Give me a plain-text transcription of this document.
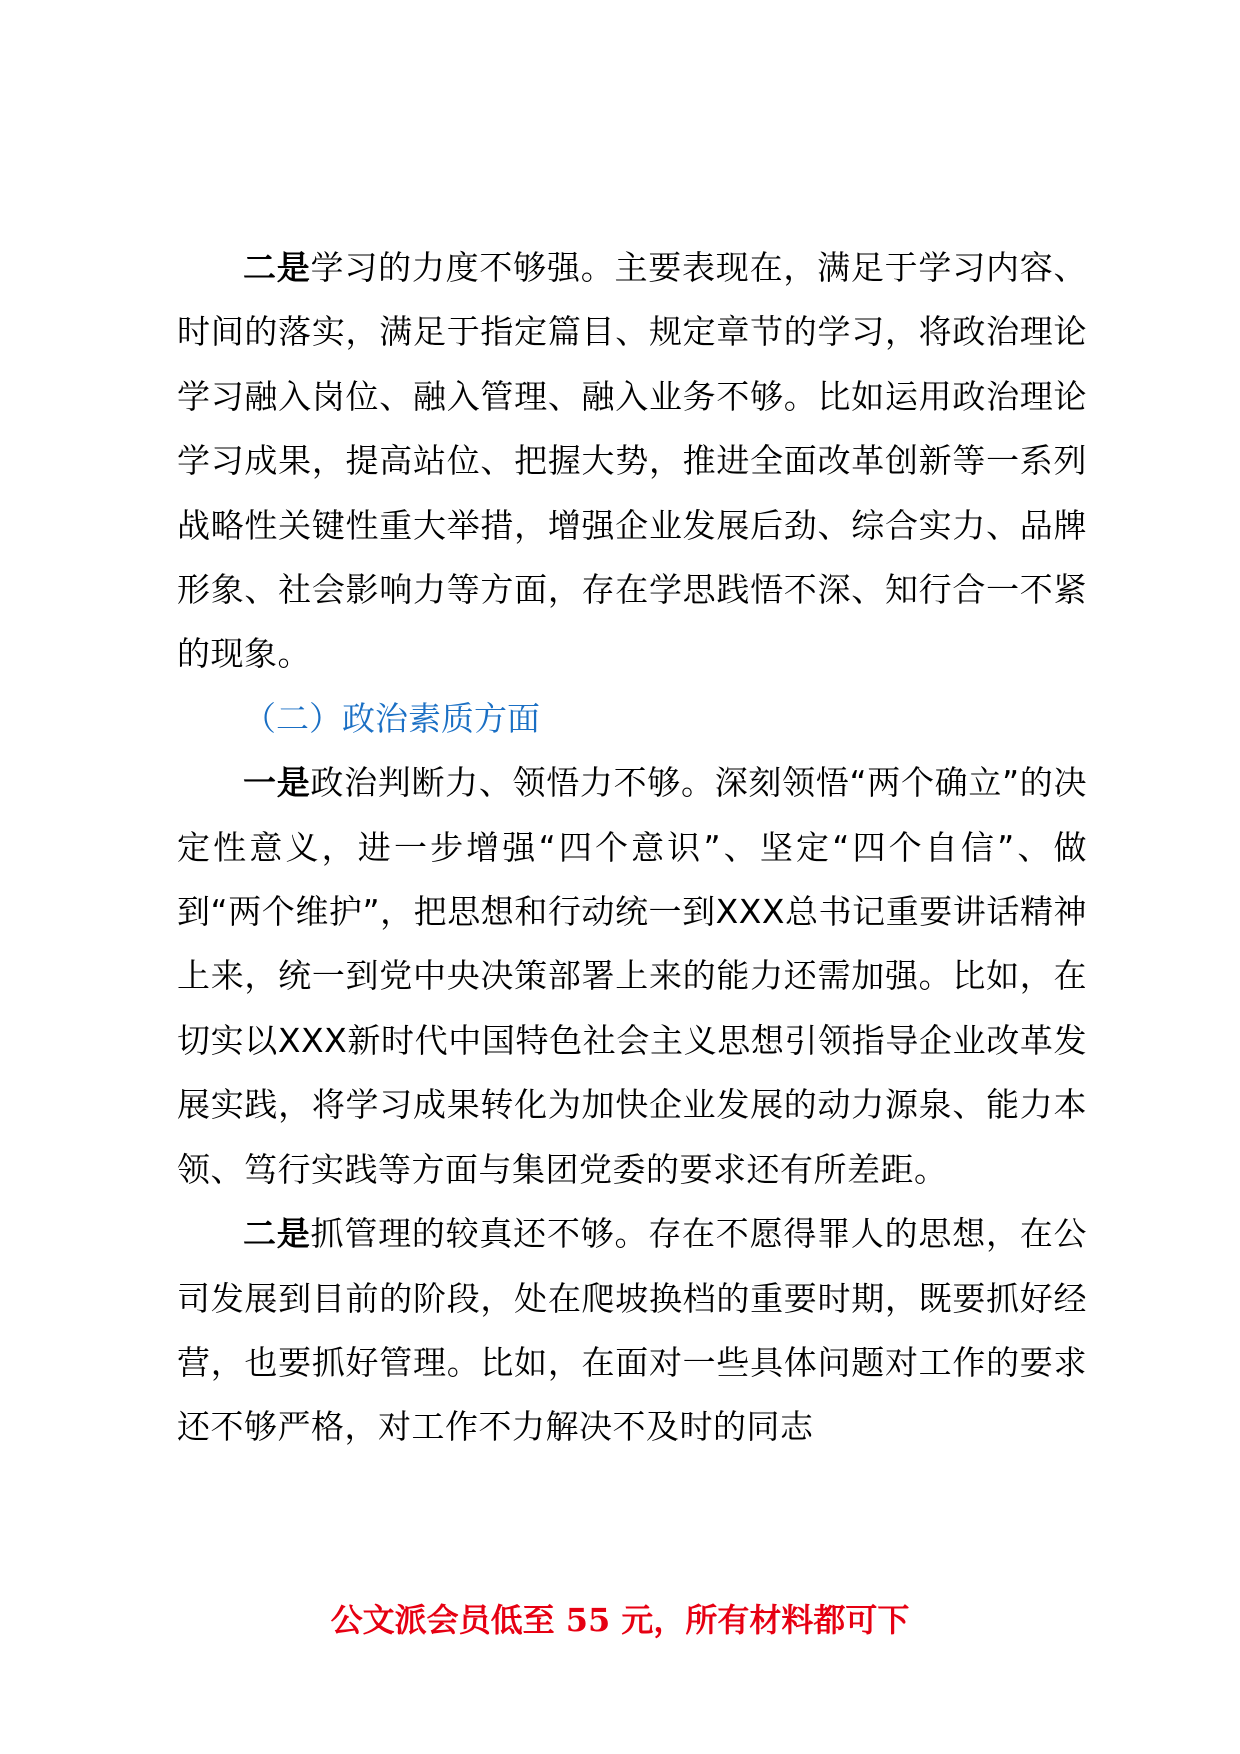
二是学习的力度不够强。主要表现在，满足于学习内容、时间的落实，满足于指定篇目、规定章节的学习，将政治理论学习融入岗位、融入管理、融入业务不够。比如运用政治理论学习成果，提高站位、把握大势，推进全面改革创新等一系列战略性关键性重大举措，增强企业发展后劲、综合实力、品牌形象、社会影响力等方面，存在学思践悟不深、知行合一不紧的现象。

（二）政治素质方面

一是政治判断力、领悟力不够。深刻领悟“两个确立”的决定性意义，进一步增强“四个意识”、坚定“四个自信”、做到“两个维护”，把思想和行动统一到XXX总书记重要讲话精神上来，统一到党中央决策部署上来的能力还需加强。比如，在切实以XXX新时代中国特色社会主义思想引领指导企业改革发展实践，将学习成果转化为加快企业发展的动力源泉、能力本领、笃行实践等方面与集团党委的要求还有所差距。

二是抓管理的较真还不够。存在不愿得罪人的思想，在公司发展到目前的阶段，处在爬坡换档的重要时期，既要抓好经营，也要抓好管理。比如，在面对一些具体问题对工作的要求还不够严格，对工作不力解决不及时的同志

公文派会员低至 55 元，所有材料都可下
